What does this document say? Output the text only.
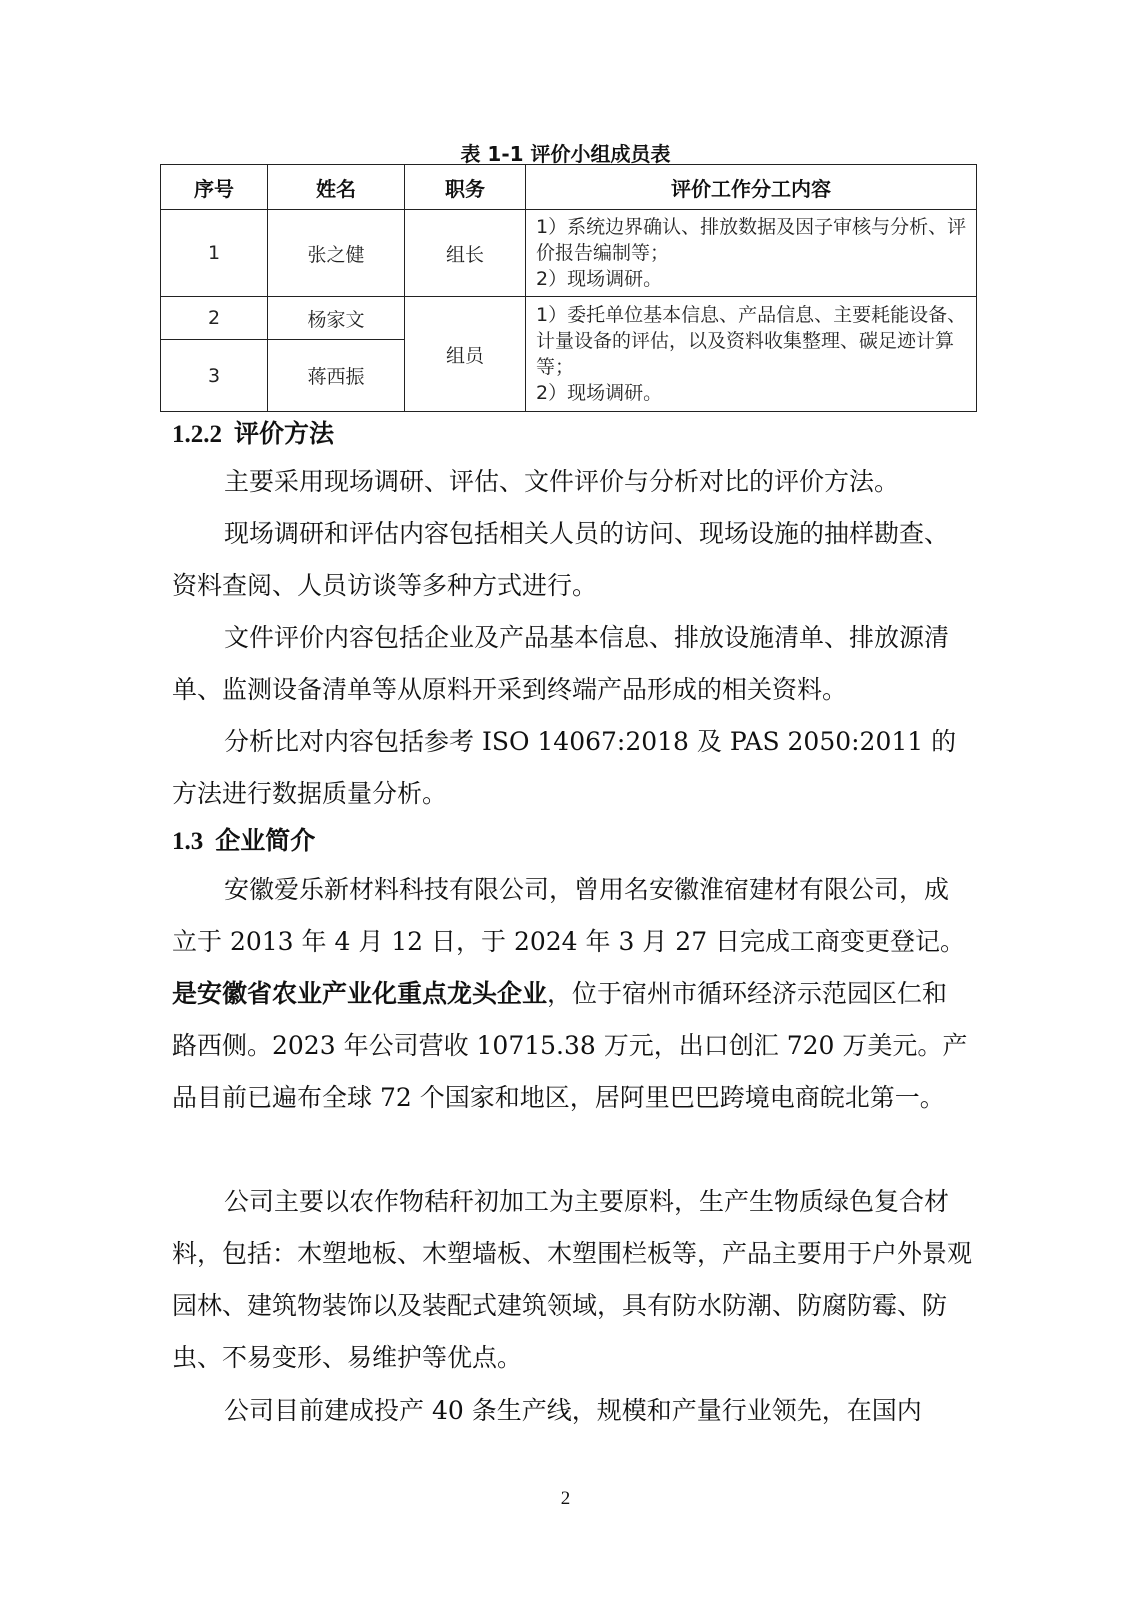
表 1-1 评价小组成员表
序号	姓名	职务	评价工作分工内容
1	张之健	组长	1）系统边界确认、排放数据及因子审核与分析、评价报告编制等；
2）现场调研。

2	杨家文	组员	1）委托单位基本信息、产品信息、主要耗能设备、计量设备的评估，以及资料收集整理、碳足迹计算等；
2）现场调研。

3	蒋西振		
1.2.2 评价方法
主要采用现场调研、评估、文件评价与分析对比的评价方法。
现场调研和评估内容包括相关人员的访问、现场设施的抽样勘查、资料查阅、人员访谈等多种方式进行。
文件评价内容包括企业及产品基本信息、排放设施清单、排放源清单、监测设备清单等从原料开采到终端产品形成的相关资料。
分析比对内容包括参考 ISO 14067:2018 及 PAS 2050:2011 的方法进行数据质量分析。
1.3 企业简介
安徽爱乐新材料科技有限公司，曾用名安徽淮宿建材有限公司，成立于 2013 年 4 月 12 日，于 2024 年 3 月 27 日完成工商变更登记。是安徽省农业产业化重点龙头企业，位于宿州市循环经济示范园区仁和路西侧。2023 年公司营收 10715.38 万元，出口创汇 720 万美元。产品目前已遍布全球 72 个国家和地区，居阿里巴巴跨境电商皖北第一。
公司主要以农作物秸秆初加工为主要原料，生产生物质绿色复合材料，包括：木塑地板、木塑墙板、木塑围栏板等，产品主要用于户外景观园林、建筑物装饰以及装配式建筑领域，具有防水防潮、防腐防霉、防虫、不易变形、易维护等优点。
公司目前建成投产 40 条生产线，规模和产量行业领先，在国内
2
